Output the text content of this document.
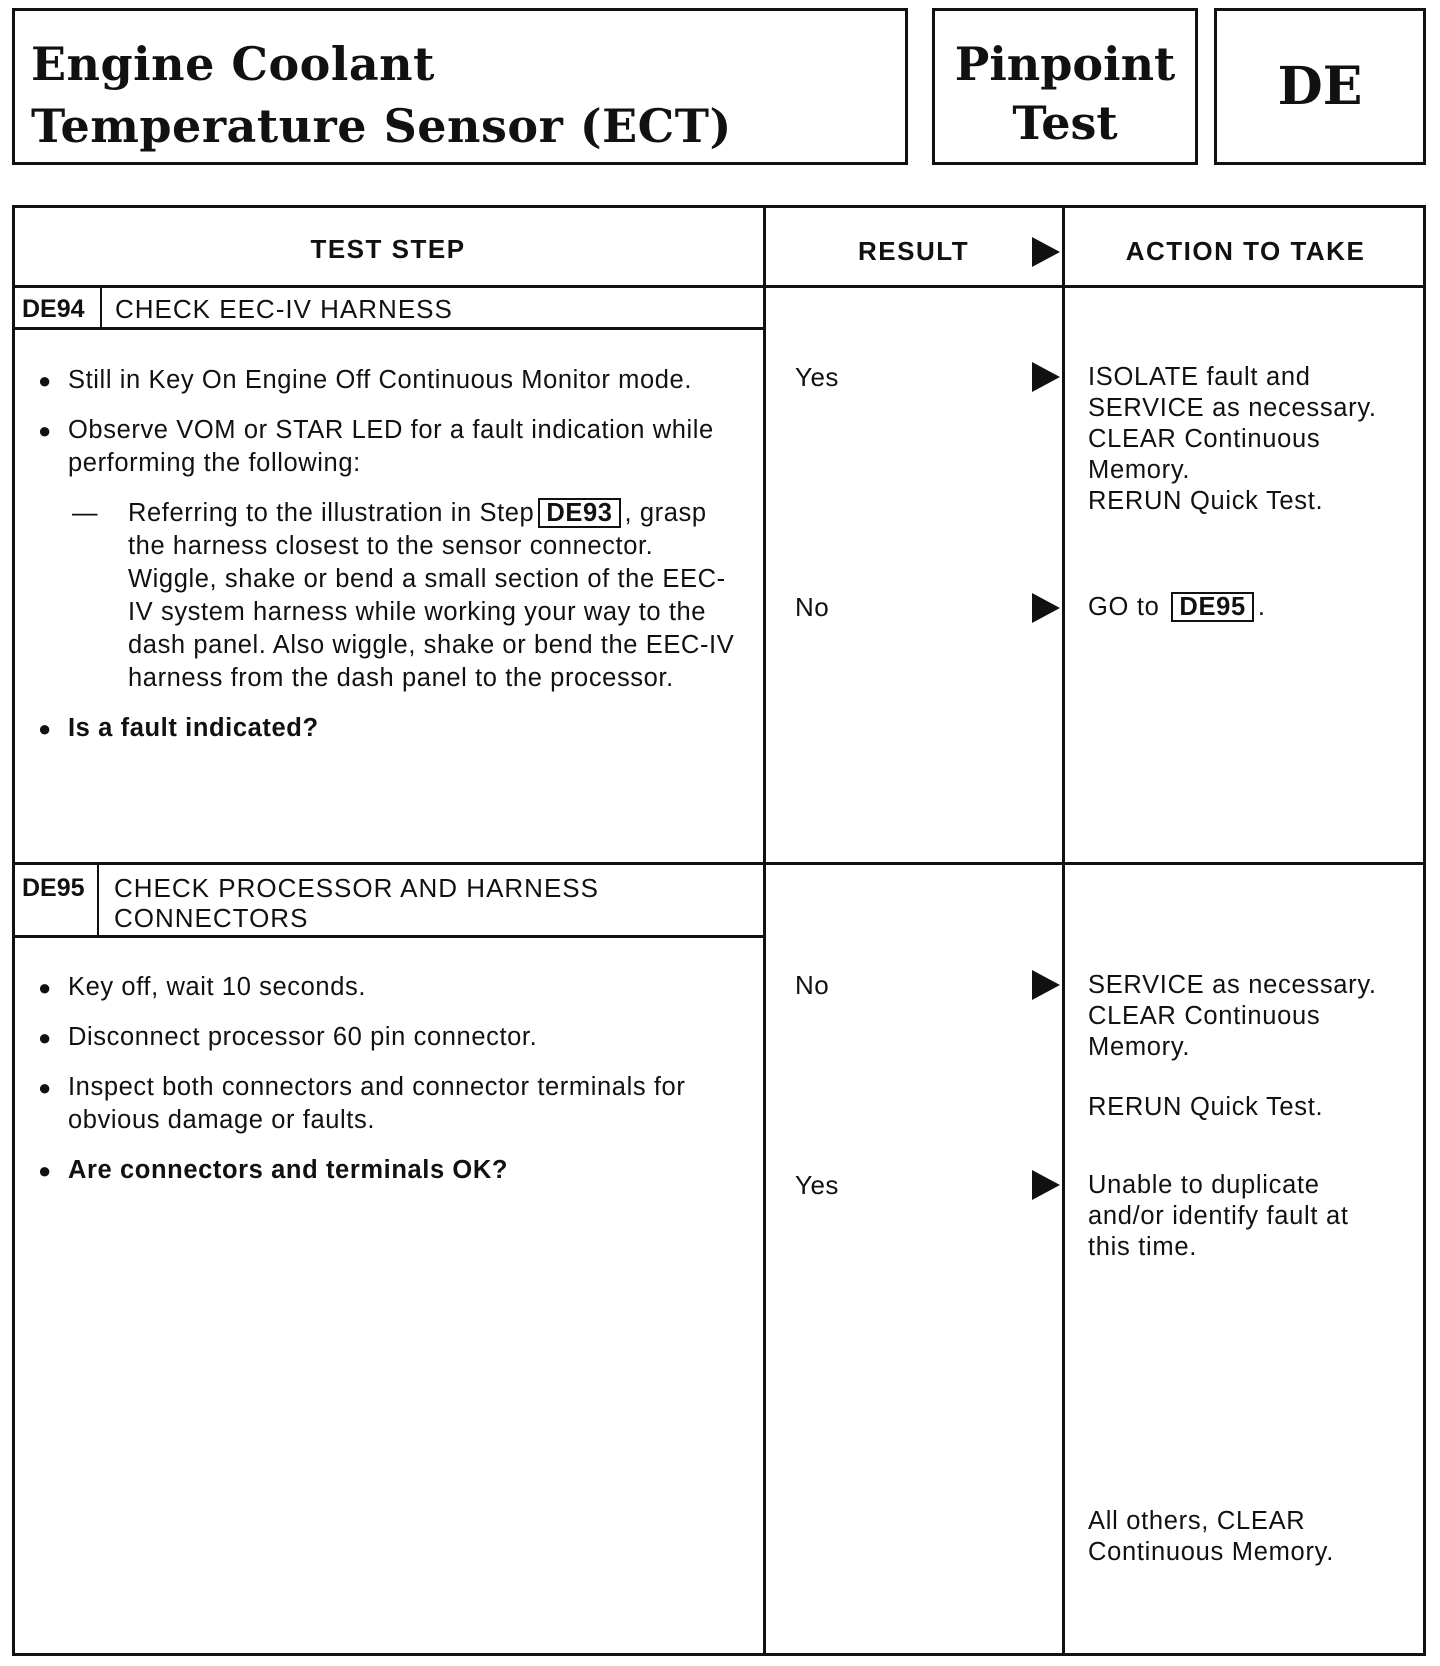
Engine Coolant
Temperature Sensor (ECT)
Pinpoint
Test
DE
TEST STEP	RESULT	ACTION TO TAKE
DE94 CHECK EEC-IV HARNESS
● Still in Key On Engine Off Continuous Monitor mode.
● Observe VOM or STAR LED for a fault indication while performing the following:
—	Referring to the illustration in Step DE93 , grasp the harness closest to the sensor connector. Wiggle, shake or bend a small section of the EEC-IV system harness while working your way to the dash panel. Also wiggle, shake or bend the EEC-IV harness from the dash panel to the processor.
● Is a fault indicated?
Yes	ISOLATE fault and
SERVICE as necessary.
CLEAR Continuous
Memory.
RERUN Quick Test.
No	GO to DE95 .
DE95 CHECK PROCESSOR AND HARNESS
CONNECTORS
● Key off, wait 10 seconds.
● Disconnect processor 60 pin connector.
● Inspect both connectors and connector terminals for obvious damage or faults.
● Are connectors and terminals OK?
No	SERVICE as necessary.
CLEAR Continuous
Memory.
RERUN Quick Test.
Yes	Unable to duplicate
and/or identify fault at
this time.
All others, CLEAR
Continuous Memory.
